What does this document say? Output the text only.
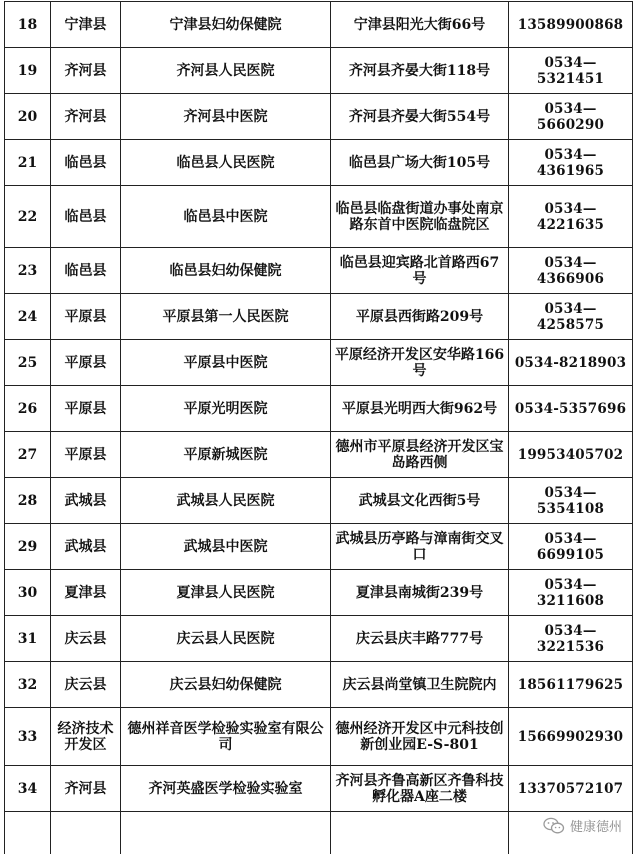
18	宁津县	宁津县妇幼保健院	宁津县阳光大街66号	13589900868
19	齐河县	齐河县人民医院	齐河县齐晏大街118号	0534—5321451
20	齐河县	齐河县中医院	齐河县齐晏大街554号	0534—5660290
21	临邑县	临邑县人民医院	临邑县广场大街105号	0534—4361965
22	临邑县	临邑县中医院	临邑县临盘街道办事处南京路东首中医院临盘院区	0534—4221635
23	临邑县	临邑县妇幼保健院	临邑县迎宾路北首路西67号	0534—4366906
24	平原县	平原县第一人民医院	平原县西街路209号	0534—4258575
25	平原县	平原县中医院	平原经济开发区安华路166号	0534-8218903
26	平原县	平原光明医院	平原县光明西大街962号	0534-5357696
27	平原县	平原新城医院	德州市平原县经济开发区宝岛路西侧	19953405702
28	武城县	武城县人民医院	武城县文化西街5号	0534—5354108
29	武城县	武城县中医院	武城县历亭路与漳南街交叉口	0534—6699105
30	夏津县	夏津县人民医院	夏津县南城街239号	0534—3211608
31	庆云县	庆云县人民医院	庆云县庆丰路777号	0534—3221536
32	庆云县	庆云县妇幼保健院	庆云县尚堂镇卫生院院内	18561179625
33	经济技术开发区	德州祥音医学检验实验室有限公司	德州经济开发区中元科技创新创业园E-S-801	15669902930
34	齐河县	齐河英盛医学检验实验室	齐河县齐鲁高新区齐鲁科技孵化器A座二楼	13370572107

健康德州
